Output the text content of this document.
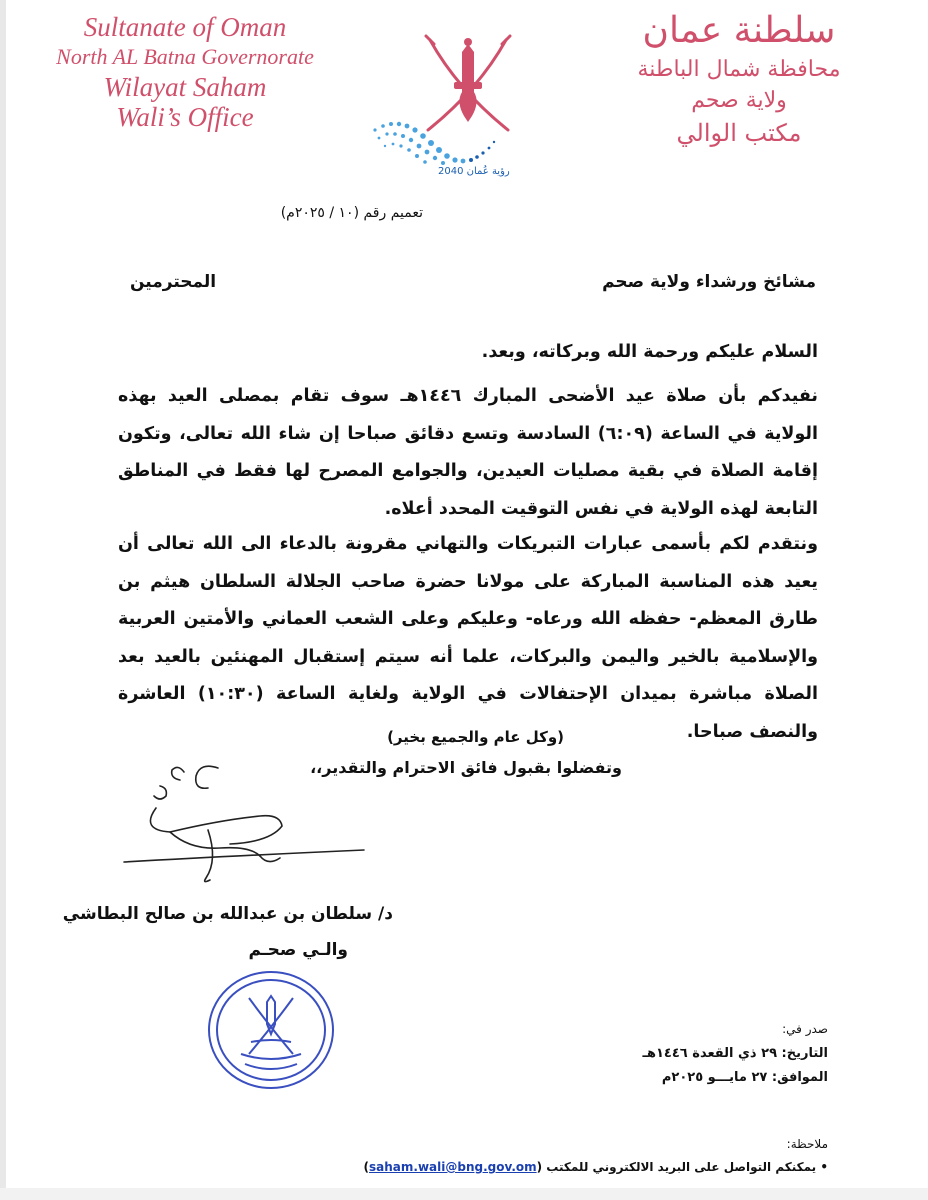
Sultanate of Oman
North AL Batna Governorate
Wilayat Saham
Wali’s Office
سلطنة عمان
محافظة شمال الباطنة
ولاية صحم
مكتب الوالي
رؤية عُمان 2040
تعميم رقم (١٠ / ٢٠٢٥م)
مشائخ ورشداء ولاية صحم
المحترمين
السلام عليكم ورحمة الله وبركاته، وبعد.
نفيدكم بأن صلاة عيد الأضحى المبارك ١٤٤٦هـ سوف تقام بمصلى العيد بهذه الولاية في الساعة (٦:٠٩) السادسة وتسع دقائق صباحا إن شاء الله تعالى، وتكون إقامة الصلاة في بقية مصليات العيدين، والجوامع المصرح لها فقط في المناطق التابعة لهذه الولاية في نفس التوقيت المحدد أعلاه.
ونتقدم لكم بأسمى عبارات التبريكات والتهاني مقرونة بالدعاء الى الله تعالى أن يعيد هذه المناسبة المباركة على مولانا حضرة صاحب الجلالة السلطان هيثم بن طارق المعظم- حفظه الله ورعاه- وعليكم وعلى الشعب العماني والأمتين العربية والإسلامية بالخير واليمن والبركات، علما أنه سيتم إستقبال المهنئين بالعيد بعد الصلاة مباشرة بميدان الإحتفالات في الولاية ولغاية الساعة (١٠:٣٠) العاشرة والنصف صباحا.
(وكل عام والجميع بخير)
وتفضلوا بقبول فائق الاحترام والتقدير،،
د/ سلطان بن عبدالله بن صالح البطاشي
والـي صحـم
صدر في:
التاريخ: ٢٩ ذي القعدة ١٤٤٦هـ
الموافق: ٢٧ مايـــو ٢٠٢٥م
ملاحظة:
• يمكنكم التواصل على البريد الالكتروني للمكتب (saham.wali@bng.gov.om)
